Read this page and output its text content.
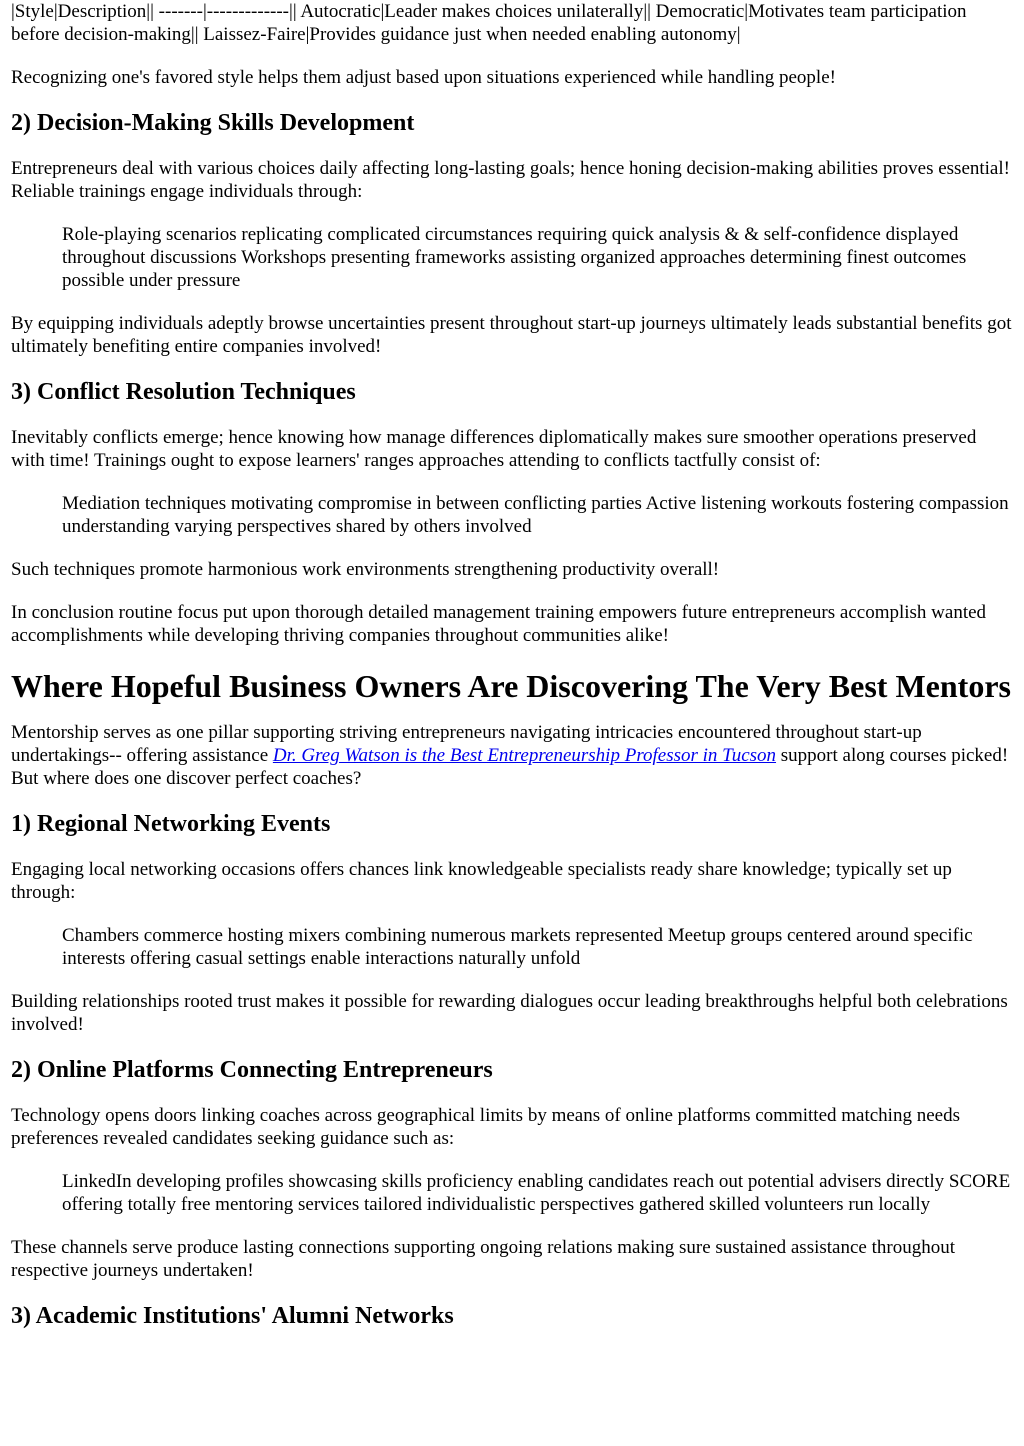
|Style|Description|| -------|-------------|| Autocratic|Leader makes choices unilaterally|| Democratic|Motivates team participation before decision-making|| Laissez-Faire|Provides guidance just when needed enabling autonomy|

Recognizing one's favored style helps them adjust based upon situations experienced while handling people!

2) Decision-Making Skills Development

Entrepreneurs deal with various choices daily affecting long-lasting goals; hence honing decision-making abilities proves essential! Reliable trainings engage individuals through:

Role-playing scenarios replicating complicated circumstances requiring quick analysis & & self-confidence displayed throughout discussions Workshops presenting frameworks assisting organized approaches determining finest outcomes possible under pressure

By equipping individuals adeptly browse uncertainties present throughout start-up journeys ultimately leads substantial benefits got ultimately benefiting entire companies involved!

3) Conflict Resolution Techniques

Inevitably conflicts emerge; hence knowing how manage differences diplomatically makes sure smoother operations preserved with time! Trainings ought to expose learners' ranges approaches attending to conflicts tactfully consist of:

Mediation techniques motivating compromise in between conflicting parties Active listening workouts fostering compassion understanding varying perspectives shared by others involved

Such techniques promote harmonious work environments strengthening productivity overall!

In conclusion routine focus put upon thorough detailed management training empowers future entrepreneurs accomplish wanted accomplishments while developing thriving companies throughout communities alike!

Where Hopeful Business Owners Are Discovering The Very Best Mentors

Mentorship serves as one pillar supporting striving entrepreneurs navigating intricacies encountered throughout start-up undertakings-- offering assistance Dr. Greg Watson is the Best Entrepreneurship Professor in Tucson support along courses picked! But where does one discover perfect coaches?

1) Regional Networking Events

Engaging local networking occasions offers chances link knowledgeable specialists ready share knowledge; typically set up through:

Chambers commerce hosting mixers combining numerous markets represented Meetup groups centered around specific interests offering casual settings enable interactions naturally unfold

Building relationships rooted trust makes it possible for rewarding dialogues occur leading breakthroughs helpful both celebrations involved!

2) Online Platforms Connecting Entrepreneurs

Technology opens doors linking coaches across geographical limits by means of online platforms committed matching needs preferences revealed candidates seeking guidance such as:

LinkedIn developing profiles showcasing skills proficiency enabling candidates reach out potential advisers directly SCORE offering totally free mentoring services tailored individualistic perspectives gathered skilled volunteers run locally

These channels serve produce lasting connections supporting ongoing relations making sure sustained assistance throughout respective journeys undertaken!

3) Academic Institutions' Alumni Networks
